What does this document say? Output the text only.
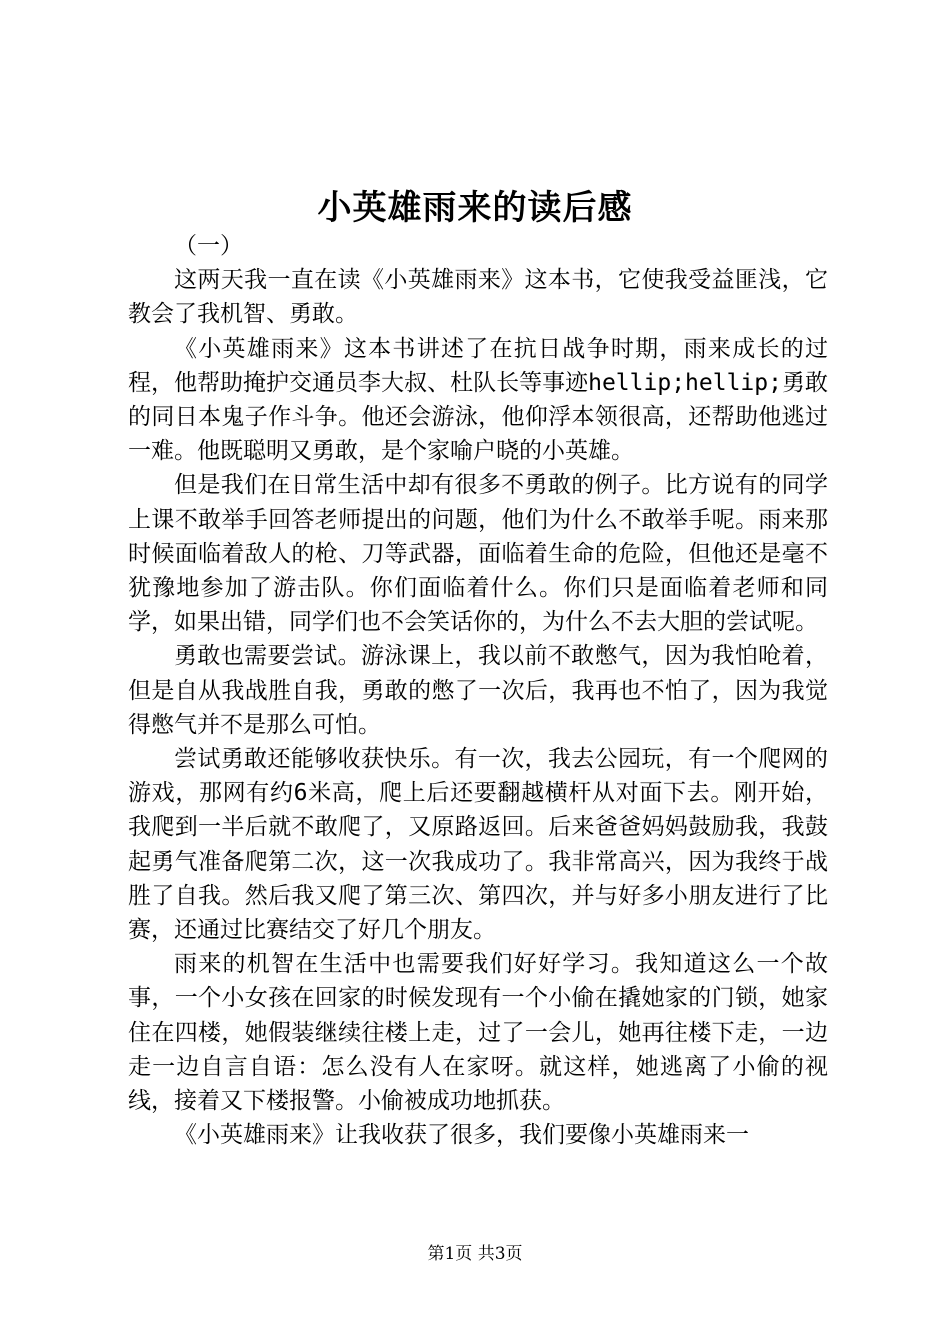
小英雄雨来的读后感

（一）

这两天我一直在读《小英雄雨来》这本书，它使我受益匪浅，它教会了我机智、勇敢。

《小英雄雨来》这本书讲述了在抗日战争时期，雨来成长的过程，他帮助掩护交通员李大叔、杜队长等事迹hellip;hellip;勇敢的同日本鬼子作斗争。他还会游泳，他仰浮本领很高，还帮助他逃过一难。他既聪明又勇敢，是个家喻户晓的小英雄。

但是我们在日常生活中却有很多不勇敢的例子。比方说有的同学上课不敢举手回答老师提出的问题，他们为什么不敢举手呢。雨来那时候面临着敌人的枪、刀等武器，面临着生命的危险，但他还是毫不犹豫地参加了游击队。你们面临着什么。你们只是面临着老师和同学，如果出错，同学们也不会笑话你的，为什么不去大胆的尝试呢。

勇敢也需要尝试。游泳课上，我以前不敢憋气，因为我怕呛着，但是自从我战胜自我，勇敢的憋了一次后，我再也不怕了，因为我觉得憋气并不是那么可怕。

尝试勇敢还能够收获快乐。有一次，我去公园玩，有一个爬网的游戏，那网有约6米高，爬上后还要翻越横杆从对面下去。刚开始，我爬到一半后就不敢爬了，又原路返回。后来爸爸妈妈鼓励我，我鼓起勇气准备爬第二次，这一次我成功了。我非常高兴，因为我终于战胜了自我。然后我又爬了第三次、第四次，并与好多小朋友进行了比赛，还通过比赛结交了好几个朋友。

雨来的机智在生活中也需要我们好好学习。我知道这么一个故事，一个小女孩在回家的时候发现有一个小偷在撬她家的门锁，她家住在四楼，她假装继续往楼上走，过了一会儿，她再往楼下走，一边走一边自言自语：怎么没有人在家呀。就这样，她逃离了小偷的视线，接着又下楼报警。小偷被成功地抓获。

《小英雄雨来》让我收获了很多，我们要像小英雄雨来一

第1页 共3页
